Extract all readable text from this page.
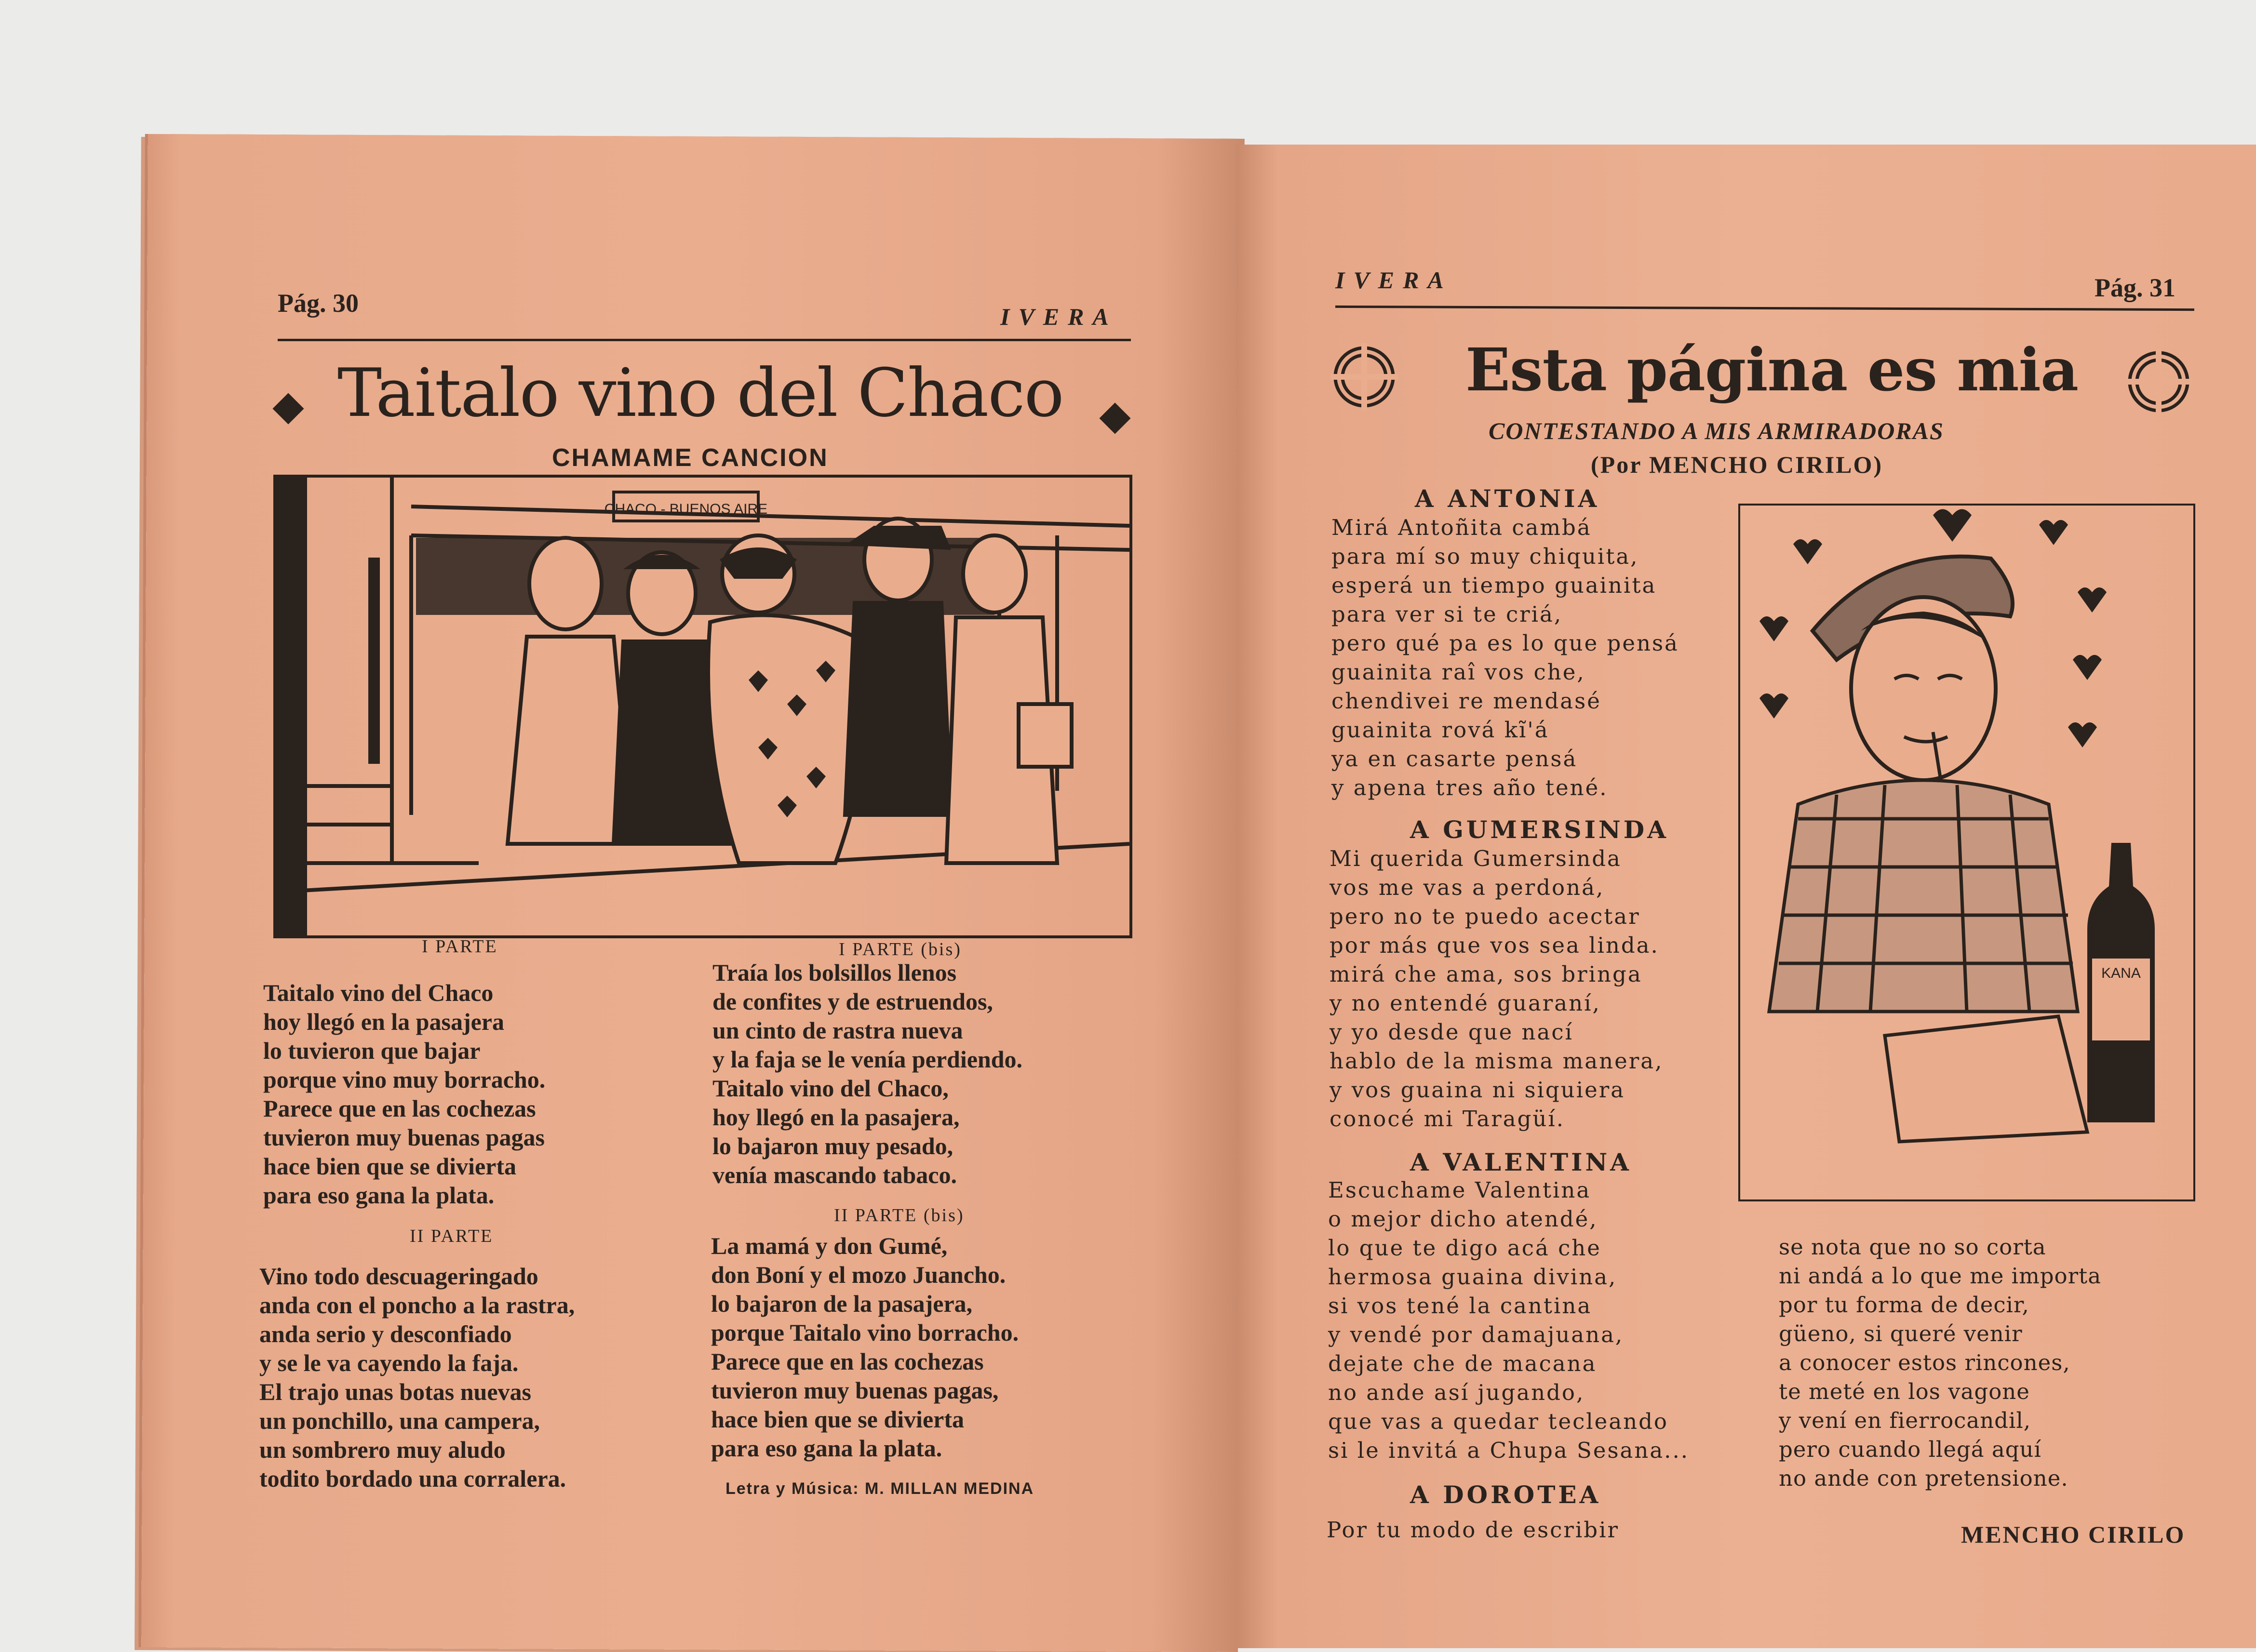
Pág. 30	IVERA
Taitalo vino del Chaco
CHAMAME CANCION
CHACO - BUENOS AIRE
I PARTE
Taitalo vino del Chaco
hoy llegó en la pasajera
lo tuvieron que bajar
porque vino muy borracho.
Parece que en las cochezas
tuvieron muy buenas pagas
hace bien que se divierta
para eso gana la plata.
II PARTE
Vino todo descuageringado
anda con el poncho a la rastra,
anda serio y desconfiado
y se le va cayendo la faja.
El trajo unas botas nuevas
un ponchillo, una campera,
un sombrero muy aludo
todito bordado una corralera.
I PARTE (bis)
Traía los bolsillos llenos
de confites y de estruendos,
un cinto de rastra nueva
y la faja se le venía perdiendo.
Taitalo vino del Chaco,
hoy llegó en la pasajera,
lo bajaron muy pesado,
venía mascando tabaco.
II PARTE (bis)
La mamá y don Gumé,
don Boní y el mozo Juancho.
lo bajaron de la pasajera,
porque Taitalo vino borracho.
Parece que en las cochezas
tuvieron muy buenas pagas,
hace bien que se divierta
para eso gana la plata.
Letra y Música: M. MILLAN MEDINA
IVERA	Pág. 31
Esta página es mia
CONTESTANDO A MIS ARMIRADORAS
(Por MENCHO CIRILO)
A ANTONIA
Mirá Antoñita cambá
para mí so muy chiquita,
esperá un tiempo guainita
para ver si te criá,
pero qué pa es lo que pensá
guainita raî vos che,
chendivei re mendasé
guainita rová kĩ'á
ya en casarte pensá
y apena tres año tené.
A GUMERSINDA
Mi querida Gumersinda
vos me vas a perdoná,
pero no te puedo acectar
por más que vos sea linda.
mirá che ama, sos bringa
y no entendé guaraní,
y yo desde que nací
hablo de la misma manera,
y vos guaina ni siquiera
conocé mi Taragüí.
A VALENTINA
Escuchame Valentina
o mejor dicho atendé,
lo que te digo acá che
hermosa guaina divina,
si vos tené la cantina
y vendé por damajuana,
dejate che de macana
no ande así jugando,
que vas a quedar tecleando
si le invitá a Chupa Sesana...
A DOROTEA
Por tu modo de escribir
KANA
se nota que no so corta
ni andá a lo que me importa
por tu forma de decir,
güeno, si queré venir
a conocer estos rincones,
te meté en los vagone
y vení en fierrocandil,
pero cuando llegá aquí
no ande con pretensione.
MENCHO CIRILO
